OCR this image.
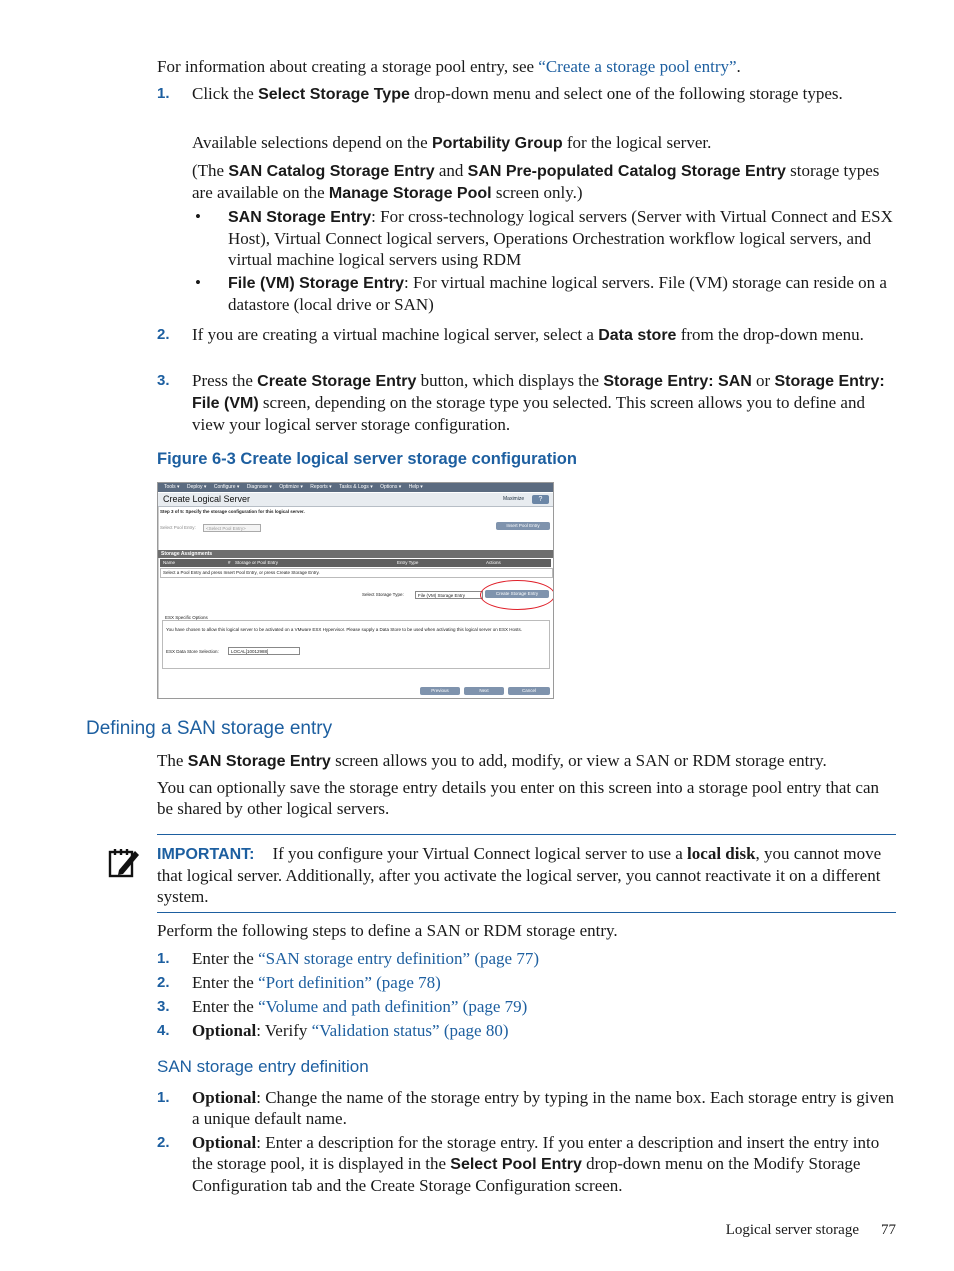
For information about creating a storage pool entry, see “Create a storage pool entry”.
1. Click the Select Storage Type drop-down menu and select one of the following storage types.
Available selections depend on the Portability Group for the logical server.
(The SAN Catalog Storage Entry and SAN Pre-populated Catalog Storage Entry storage types are available on the Manage Storage Pool screen only.)
• SAN Storage Entry: For cross-technology logical servers (Server with Virtual Connect and ESX Host), Virtual Connect logical servers, Operations Orchestration workflow logical servers, and virtual machine logical servers using RDM
• File (VM) Storage Entry: For virtual machine logical servers. File (VM) storage can reside on a datastore (local drive or SAN)
2. If you are creating a virtual machine logical server, select a Data store from the drop-down menu.
3. Press the Create Storage Entry button, which displays the Storage Entry: SAN or Storage Entry: File (VM) screen, depending on the storage type you selected. This screen allows you to define and view your logical server storage configuration.
Figure 6-3 Create logical server storage configuration
Tools ▾ Deploy ▾ Configure ▾ Diagnose ▾ Optimize ▾ Reports ▾ Tasks & Logs ▾ Options ▾ Help ▾
Create Logical Server	Maximize	?
Step 3 of 5: Specify the storage configuration for this logical server.
Select Pool Entry:	<Select Pool Entry>
Insert Pool Entry
Storage Assignments
Name	# Storage or Pool Entry	Entry Type	Actions
Select a Pool Entry and press Insert Pool Entry, or press Create Storage Entry.
Select Storage Type:	File (VM) Storage Entry	Create Storage Entry
ESX Specific Options
You have chosen to allow this logical server to be activated on a VMware ESX Hypervisor. Please supply a Data Store to be used when activating this logical server on ESX Hosts.
ESX Data Store Selection:	LOCAL[10012988]
Previous	Next	Cancel
Defining a SAN storage entry
The SAN Storage Entry screen allows you to add, modify, or view a SAN or RDM storage entry.
You can optionally save the storage entry details you enter on this screen into a storage pool entry that can be shared by other logical servers.
IMPORTANT: If you configure your Virtual Connect logical server to use a local disk, you cannot move that logical server. Additionally, after you activate the logical server, you cannot reactivate it on a different system.
Perform the following steps to define a SAN or RDM storage entry.
1. Enter the “SAN storage entry definition” (page 77)
2. Enter the “Port definition” (page 78)
3. Enter the “Volume and path definition” (page 79)
4. Optional: Verify “Validation status” (page 80)
SAN storage entry definition
1. Optional: Change the name of the storage entry by typing in the name box. Each storage entry is given a unique default name.
2. Optional: Enter a description for the storage entry. If you enter a description and insert the entry into the storage pool, it is displayed in the Select Pool Entry drop-down menu on the Modify Storage Configuration tab and the Create Storage Configuration screen.
Logical server storage 77
